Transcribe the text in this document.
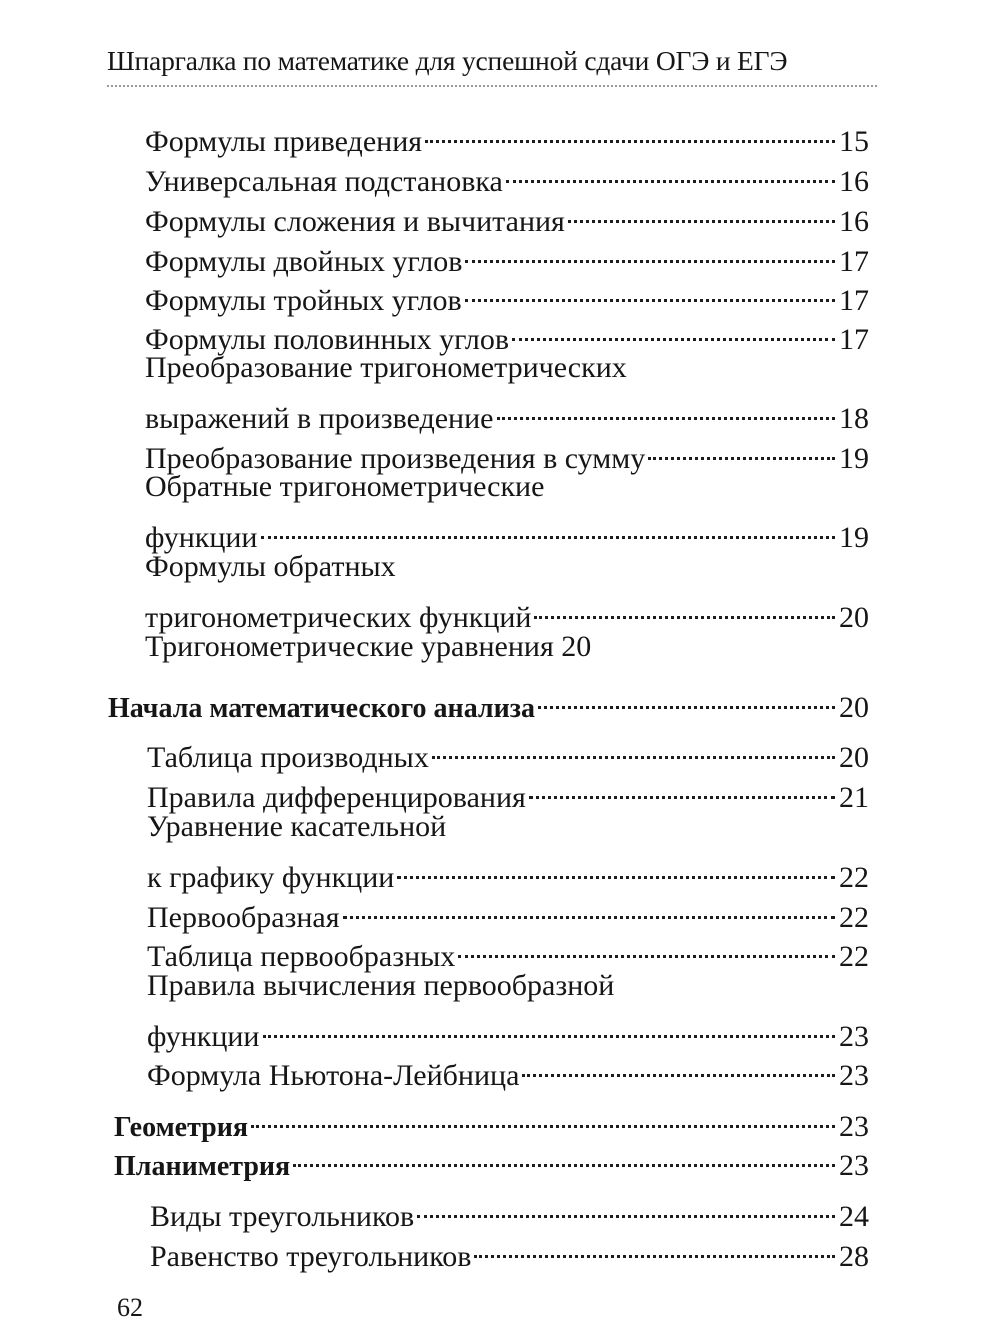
Шпаргалка по математике для успешной сдачи ОГЭ и ЕГЭ
Формулы приведения	15
Универсальная подстановка	16
Формулы сложения и вычитания	16
Формулы двойных углов	17
Формулы тройных углов	17
Формулы половинных углов	17
Преобразование тригонометрических
выражений в произведение	18
Преобразование произведения в сумму	19
Обратные тригонометрические
функции	19
Формулы обратных
тригонометрических функций	20
Тригонометрические уравнения 20
Начала математического анализа	20
Таблица производных	20
Правила дифференцирования	21
Уравнение касательной
к графику функции	22
Первообразная	22
Таблица первообразных	22
Правила вычисления первообразной
функции	23
Формула Ньютона-Лейбница	23
Геометрия	23
Планиметрия	23
Виды треугольников	24
Равенство треугольников	28
62
